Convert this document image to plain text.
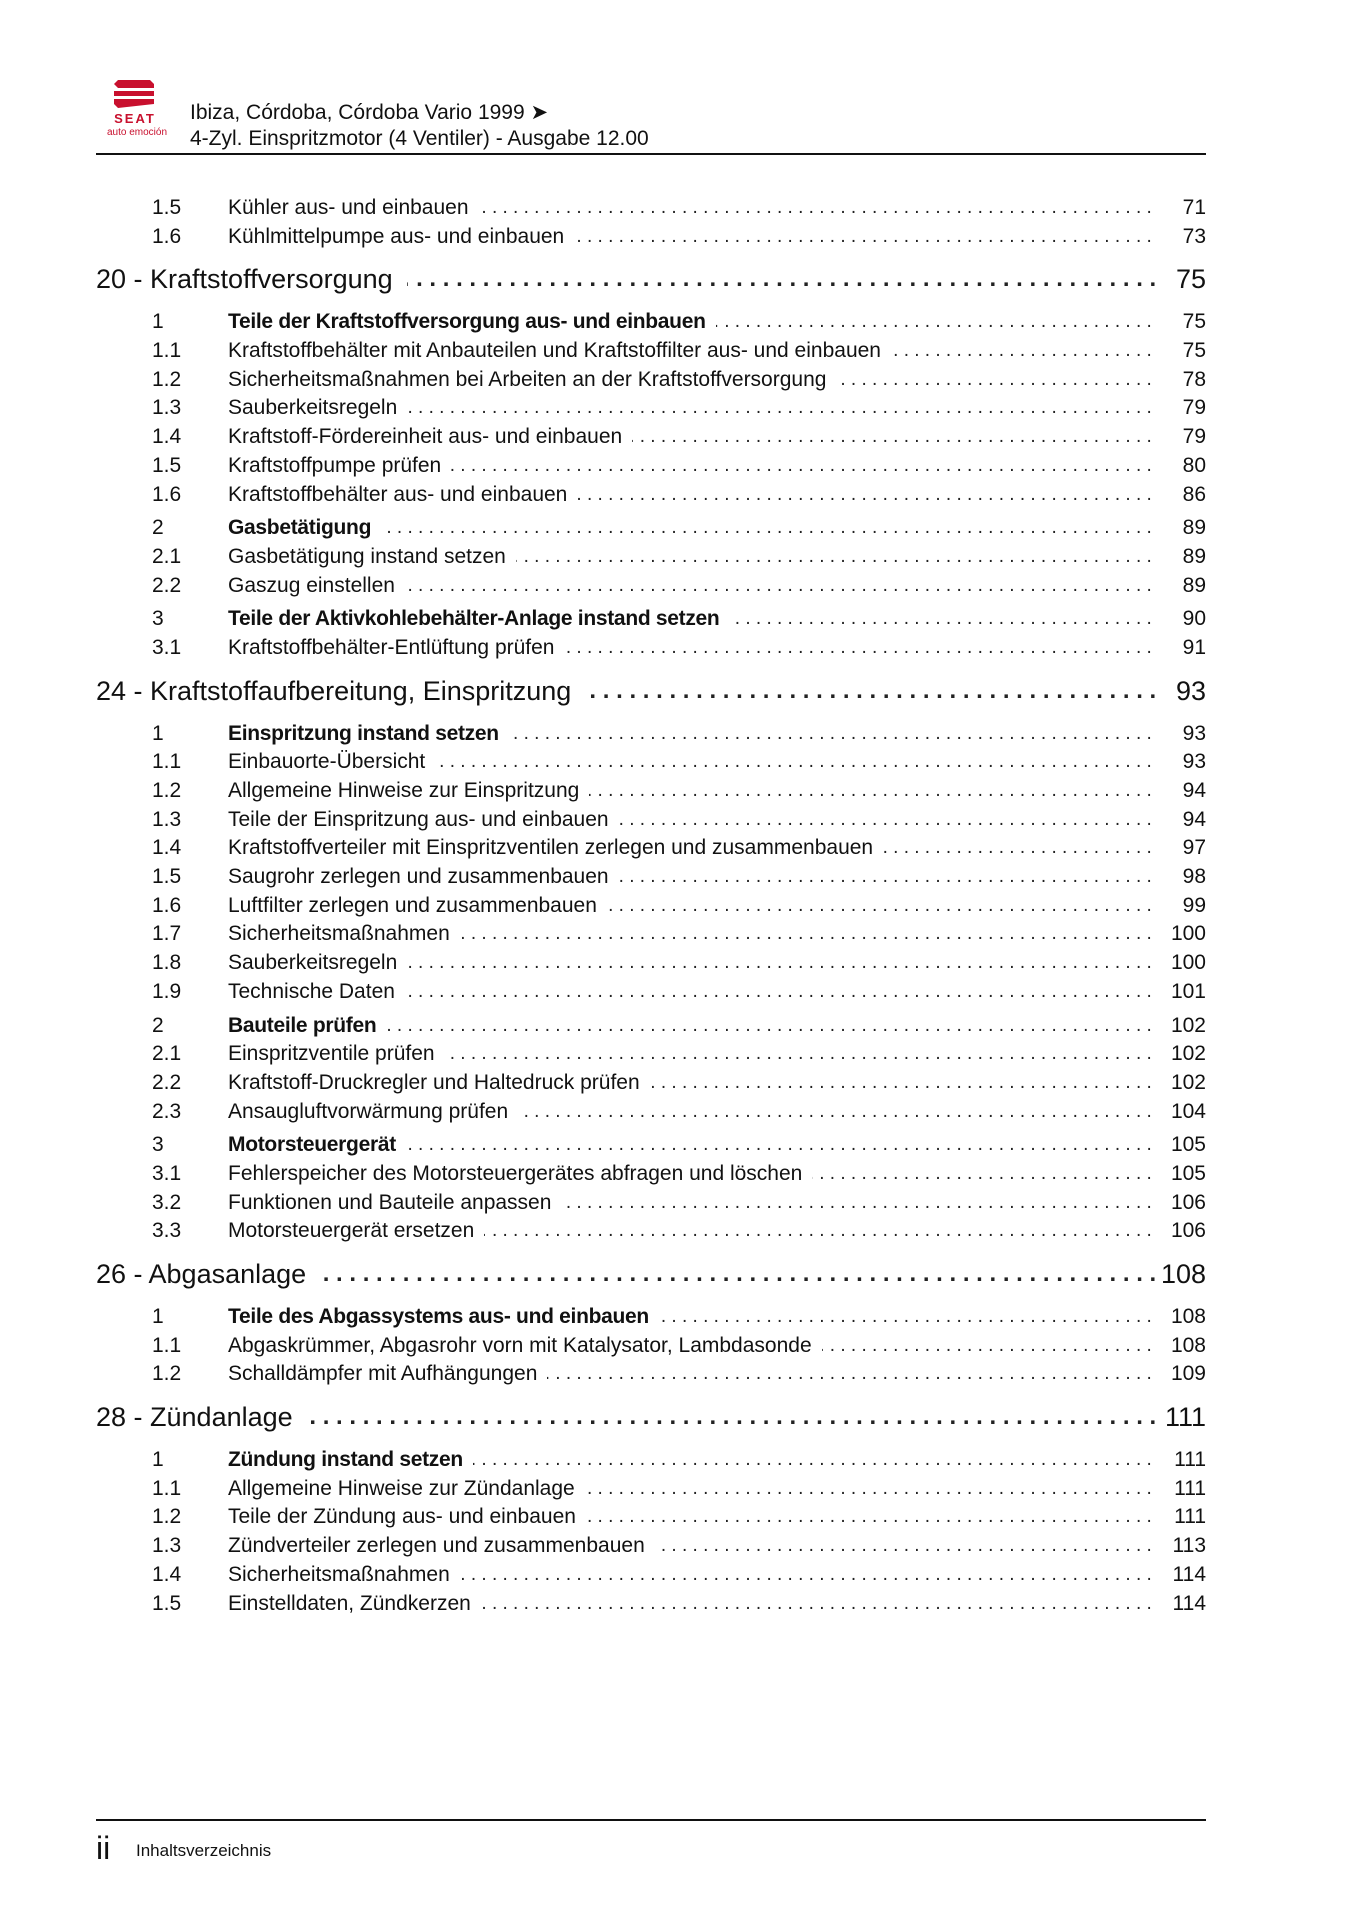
SEAT
auto emoción
Ibiza, Córdoba, Córdoba Vario 1999 ➤
4-Zyl. Einspritzmotor (4 Ventiler) - Ausgabe 12.00
1.5 . . . Kühler aus- und einbauen	71
1.6 . . . Kühlmittelpumpe aus- und einbauen	73
. . .
20 - Kraftstoffversorgung	75
1 . . .	Teile der Kraftstoffversorgung aus- und einbauen	75
1.1 . . . Kraftstoffbehälter mit Anbauteilen und Kraftstoffilter aus- und einbauen	75
1.2 . . . Sicherheitsmaßnahmen bei Arbeiten an der Kraftstoffversorgung	78
1.3 . . . Sauberkeitsregeln	79
1.4 . . . Kraftstoff-Fördereinheit aus- und einbauen	79
1.5 . . . Kraftstoffpumpe prüfen	80
1.6 . . . Kraftstoffbehälter aus- und einbauen	86
2 . . .	Gasbetätigung	89
2.1 . . . Gasbetätigung instand setzen	89
2.2 . . . Gaszug einstellen	89
3 . . .	Teile der Aktivkohlebehälter-Anlage instand setzen	90
3.1 . . . Kraftstoffbehälter-Entlüftung prüfen	91
. . .
24 - Kraftstoffaufbereitung, Einspritzung	93
1 . . .	Einspritzung instand setzen	93
1.1 . . . Einbauorte-Übersicht	93
1.2 . . . Allgemeine Hinweise zur Einspritzung	94
1.3 . . . Teile der Einspritzung aus- und einbauen	94
1.4 . . . Kraftstoffverteiler mit Einspritzventilen zerlegen und zusammenbauen	97
1.5 . . . Saugrohr zerlegen und zusammenbauen	98
1.6 . . . Luftfilter zerlegen und zusammenbauen	99
1.7 . . . Sicherheitsmaßnahmen	100
1.8 . . . Sauberkeitsregeln	100
1.9 . . . Technische Daten	101
2 . . .	Bauteile prüfen	102
2.1 . . . Einspritzventile prüfen	102
2.2 . . . Kraftstoff-Druckregler und Haltedruck prüfen	102
2.3 . . . Ansaugluftvorwärmung prüfen	104
3 . . .	Motorsteuergerät	105
3.1 . . . Fehlerspeicher des Motorsteuergerätes abfragen und löschen	105
3.2 . . . Funktionen und Bauteile anpassen	106
3.3 . . . Motorsteuergerät ersetzen	106
. . .
26 - Abgasanlage	108
1 . . .	Teile des Abgassystems aus- und einbauen	108
1.1 . . . Abgaskrümmer, Abgasrohr vorn mit Katalysator, Lambdasonde	108
1.2 . . . Schalldämpfer mit Aufhängungen	109
. . .
28 - Zündanlage	111
1 . . .	Zündung instand setzen	111
1.1 . . . Allgemeine Hinweise zur Zündanlage	111
1.2 . . . Teile der Zündung aus- und einbauen	111
1.3 . . . Zündverteiler zerlegen und zusammenbauen	113
1.4 . . . Sicherheitsmaßnahmen	114
1.5 . . . Einstelldaten, Zündkerzen	114
ii Inhaltsverzeichnis
